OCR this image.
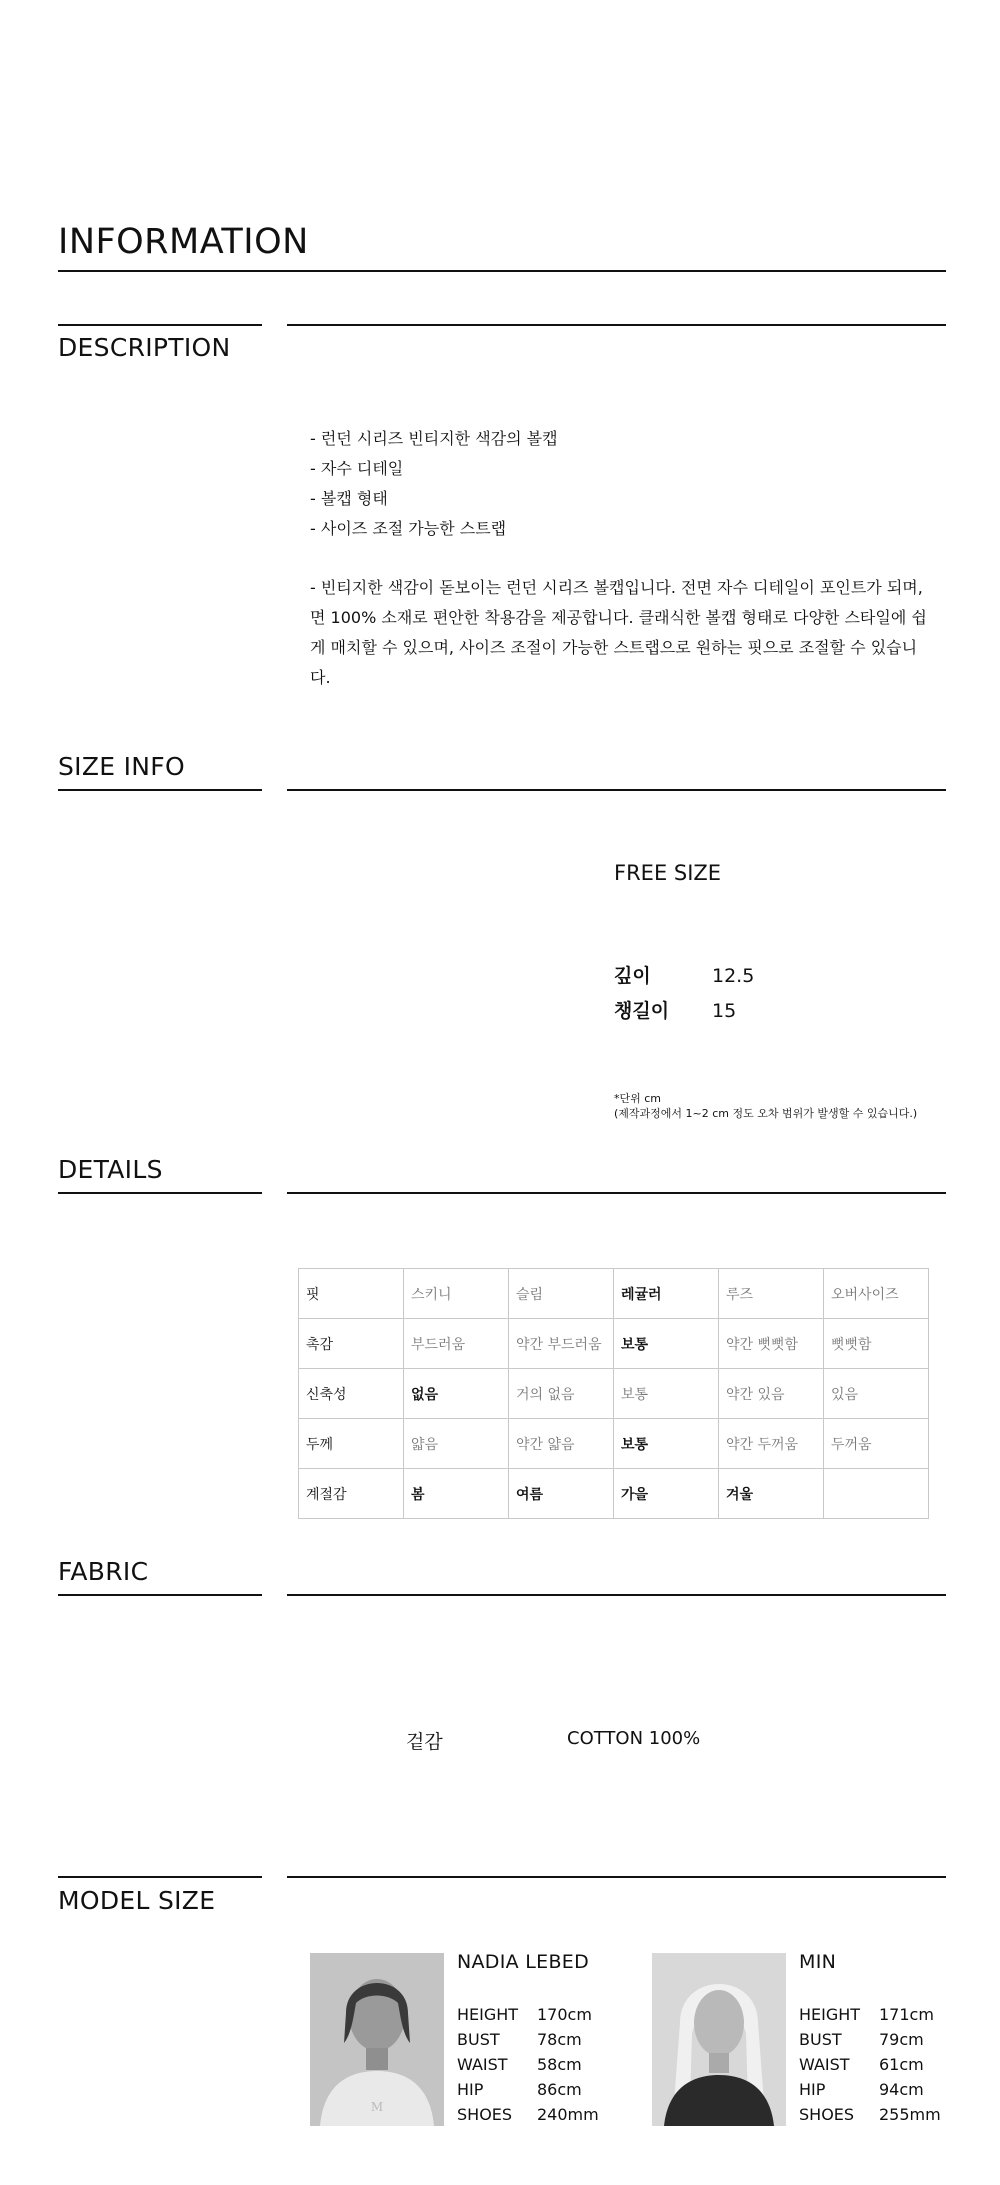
INFORMATION
DESCRIPTION
- 런던 시리즈 빈티지한 색감의 볼캡
- 자수 디테일
- 볼캡 형태
- 사이즈 조절 가능한 스트랩
- 빈티지한 색감이 돋보이는 런던 시리즈 볼캡입니다. 전면 자수 디테일이 포인트가 되며, 면 100% 소재로 편안한 착용감을 제공합니다. 클래식한 볼캡 형태로 다양한 스타일에 쉽게 매치할 수 있으며, 사이즈 조절이 가능한 스트랩으로 원하는 핏으로 조절할 수 있습니다.
SIZE INFO
FREE SIZE
깊이	12.5
챙길이 15
*단위 cm
(제작과정에서 1~2 cm 정도 오차 범위가 발생할 수 있습니다.)
DETAILS
핏	스키니	슬림	레귤러	루즈	오버사이즈
촉감	부드러움	약간 부드러움	보통	약간 뻣뻣함	뻣뻣함
신축성	없음	거의 없음	보통	약간 있음	있음
두께	얇음	약간 얇음	보통	약간 두꺼움	두꺼움
계절감	봄	여름	가을	겨울	
FABRIC
겉감	COTTON 100%
MODEL SIZE
M
NADIA LEBED
HEIGHT 170cm
BUST 78cm
WAIST 58cm
HIP	86cm
SHOES 240mm
MIN
HEIGHT 171cm
BUST 79cm
WAIST 61cm
HIP	94cm
SHOES 255mm
